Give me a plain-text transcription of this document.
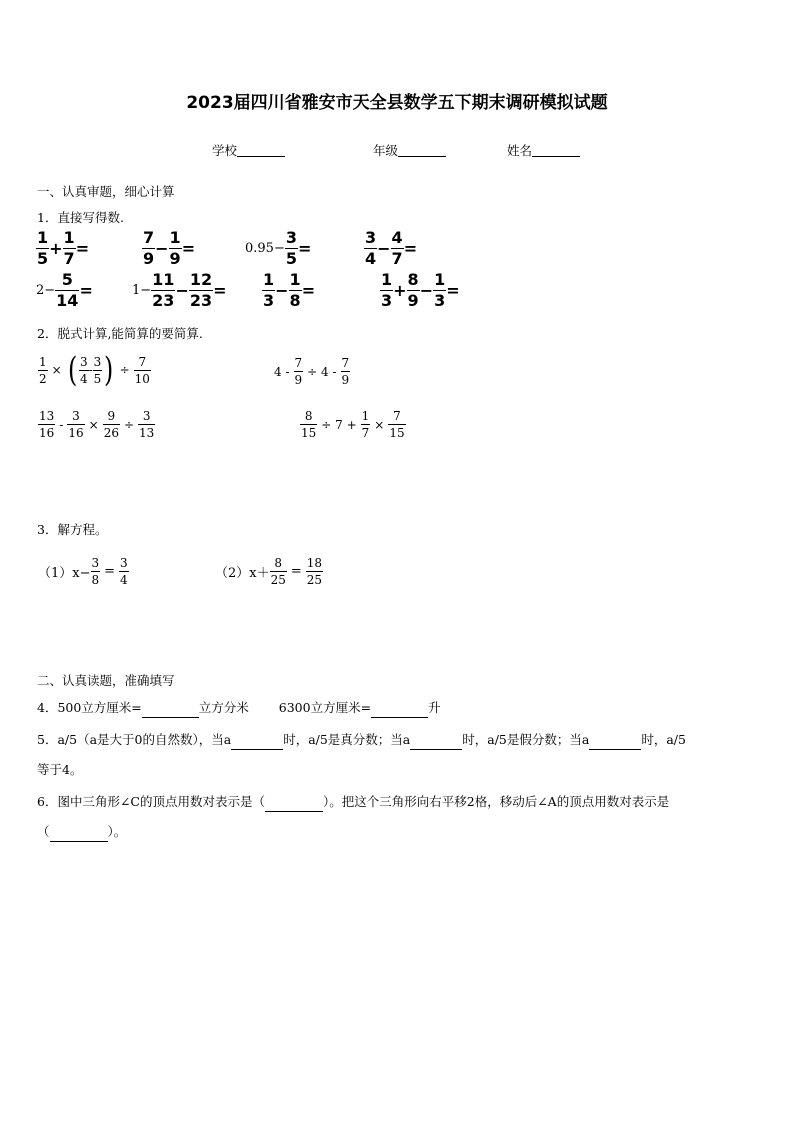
2023届四川省雅安市天全县数学五下期末调研模拟试题
学校	年级	姓名
一、认真审题，细心计算
1．直接写得数.
1
5
+
1
7
=
7
9
−
1
9
=	0.95−
3
5
=
3
4
−
4
7
=
2−
5
14
=	1−
11
23
−
12
23
=
1
3
−
1
8
=
1
3
+
8
9
−
1
3
=
2．脱式计算,能简算的要简算.
1
2
× ( 3
4
-
3
5 ) ÷
7
10	4 -
7
9
÷ 4 -
7
9
13
16
-
3
16
×
9
26
÷
3
13
8
15
÷ 7 +
1
7
×
7
15
3．解方程。
（1）x−
3
8
=
3
4	（2）x＋
8
25
=
18
25
二、认真读题，准确填写
4．500立方厘米=	立方分米 6300立方厘米=	升
5．a/5（a是大于0的自然数），当a	时，a/5是真分数；当a	时，a/5是假分数；当a	时，a/5
等于4。
6．图中三角形∠C的顶点用数对表示是（	）。把这个三角形向右平移2格，移动后∠A的顶点用数对表示是
（	）。
